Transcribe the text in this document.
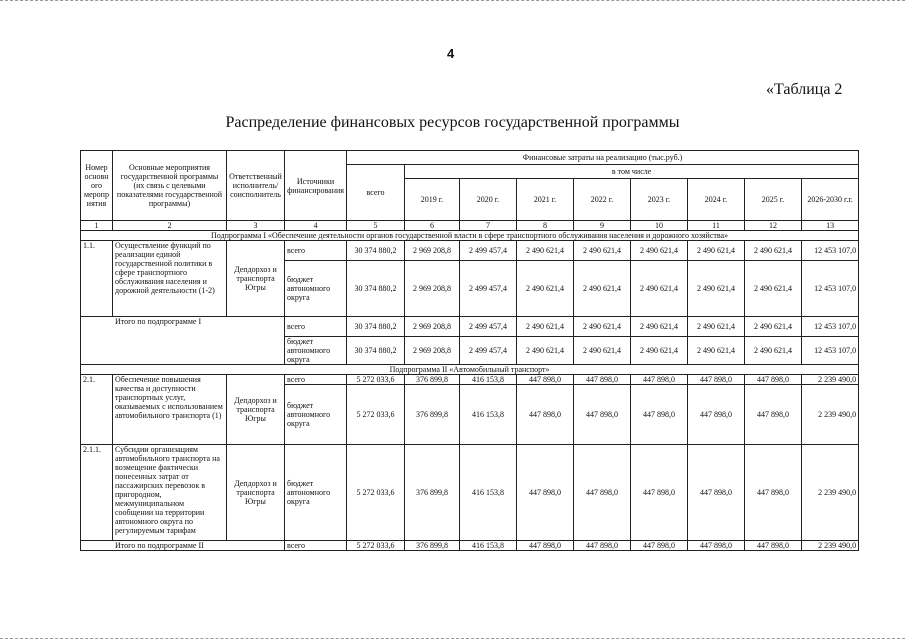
4
«Таблица 2
Распределение финансовых ресурсов государственной программы
Номер основного мероприятия	Основные мероприятия государственной программы (их связь с целевыми показателями государственной программы)	Ответственный исполнитель/ соисполнитель	Источники финансирования	Финансовые затраты на реализацию (тыс.руб.)								
				всего	в том числе							
					2019 г.	2020 г.	2021 г.	2022 г.	2023 г.	2024 г.	2025 г.	2026-2030 г.г.
1	2	3	4	5	6	7	8	9	10	11	12	13
Подпрограмма I «Обеспечение деятельности органов государственной власти в сфере транспортного обслуживания населения и дорожного хозяйства»												
1.1.	Осуществление функций по реализации единой государственной политики в сфере транспортного обслуживания населения и дорожной деятельности (1-2)	Депдорхоз и транспорта Югры	всего	30 374 880,2	2 969 208,8	2 499 457,4	2 490 621,4	2 490 621,4	2 490 621,4	2 490 621,4	2 490 621,4	12 453 107,0
			бюджет автономного округа	30 374 880,2	2 969 208,8	2 499 457,4	2 490 621,4	2 490 621,4	2 490 621,4	2 490 621,4	2 490 621,4	12 453 107,0
Итого по подпрограмме I			всего	30 374 880,2	2 969 208,8	2 499 457,4	2 490 621,4	2 490 621,4	2 490 621,4	2 490 621,4	2 490 621,4	12 453 107,0
			бюджет автономного округа	30 374 880,2	2 969 208,8	2 499 457,4	2 490 621,4	2 490 621,4	2 490 621,4	2 490 621,4	2 490 621,4	12 453 107,0
Подпрограмма II «Автомобильный транспорт»												
2.1.	Обеспечение повышения качества и доступности транспортных услуг, оказываемых с использованием автомобильного транспорта (1)	Депдорхоз и транспорта Югры	всего	5 272 033,6	376 899,8	416 153,8	447 898,0	447 898,0	447 898,0	447 898,0	447 898,0	2 239 490,0
			бюджет автономного округа	5 272 033,6	376 899,8	416 153,8	447 898,0	447 898,0	447 898,0	447 898,0	447 898,0	2 239 490,0
2.1.1.	Субсидии организациям автомобильного транспорта на возмещение фактически понесенных затрат от пассажирских перевозок в пригородном, межмуниципальном сообщении на территории автономного округа по регулируемым тарифам	Депдорхоз и транспорта Югры	бюджет автономного округа	5 272 033,6	376 899,8	416 153,8	447 898,0	447 898,0	447 898,0	447 898,0	447 898,0	2 239 490,0
Итого по подпрограмме II			всего	5 272 033,6	376 899,8	416 153,8	447 898,0	447 898,0	447 898,0	447 898,0	447 898,0	2 239 490,0
